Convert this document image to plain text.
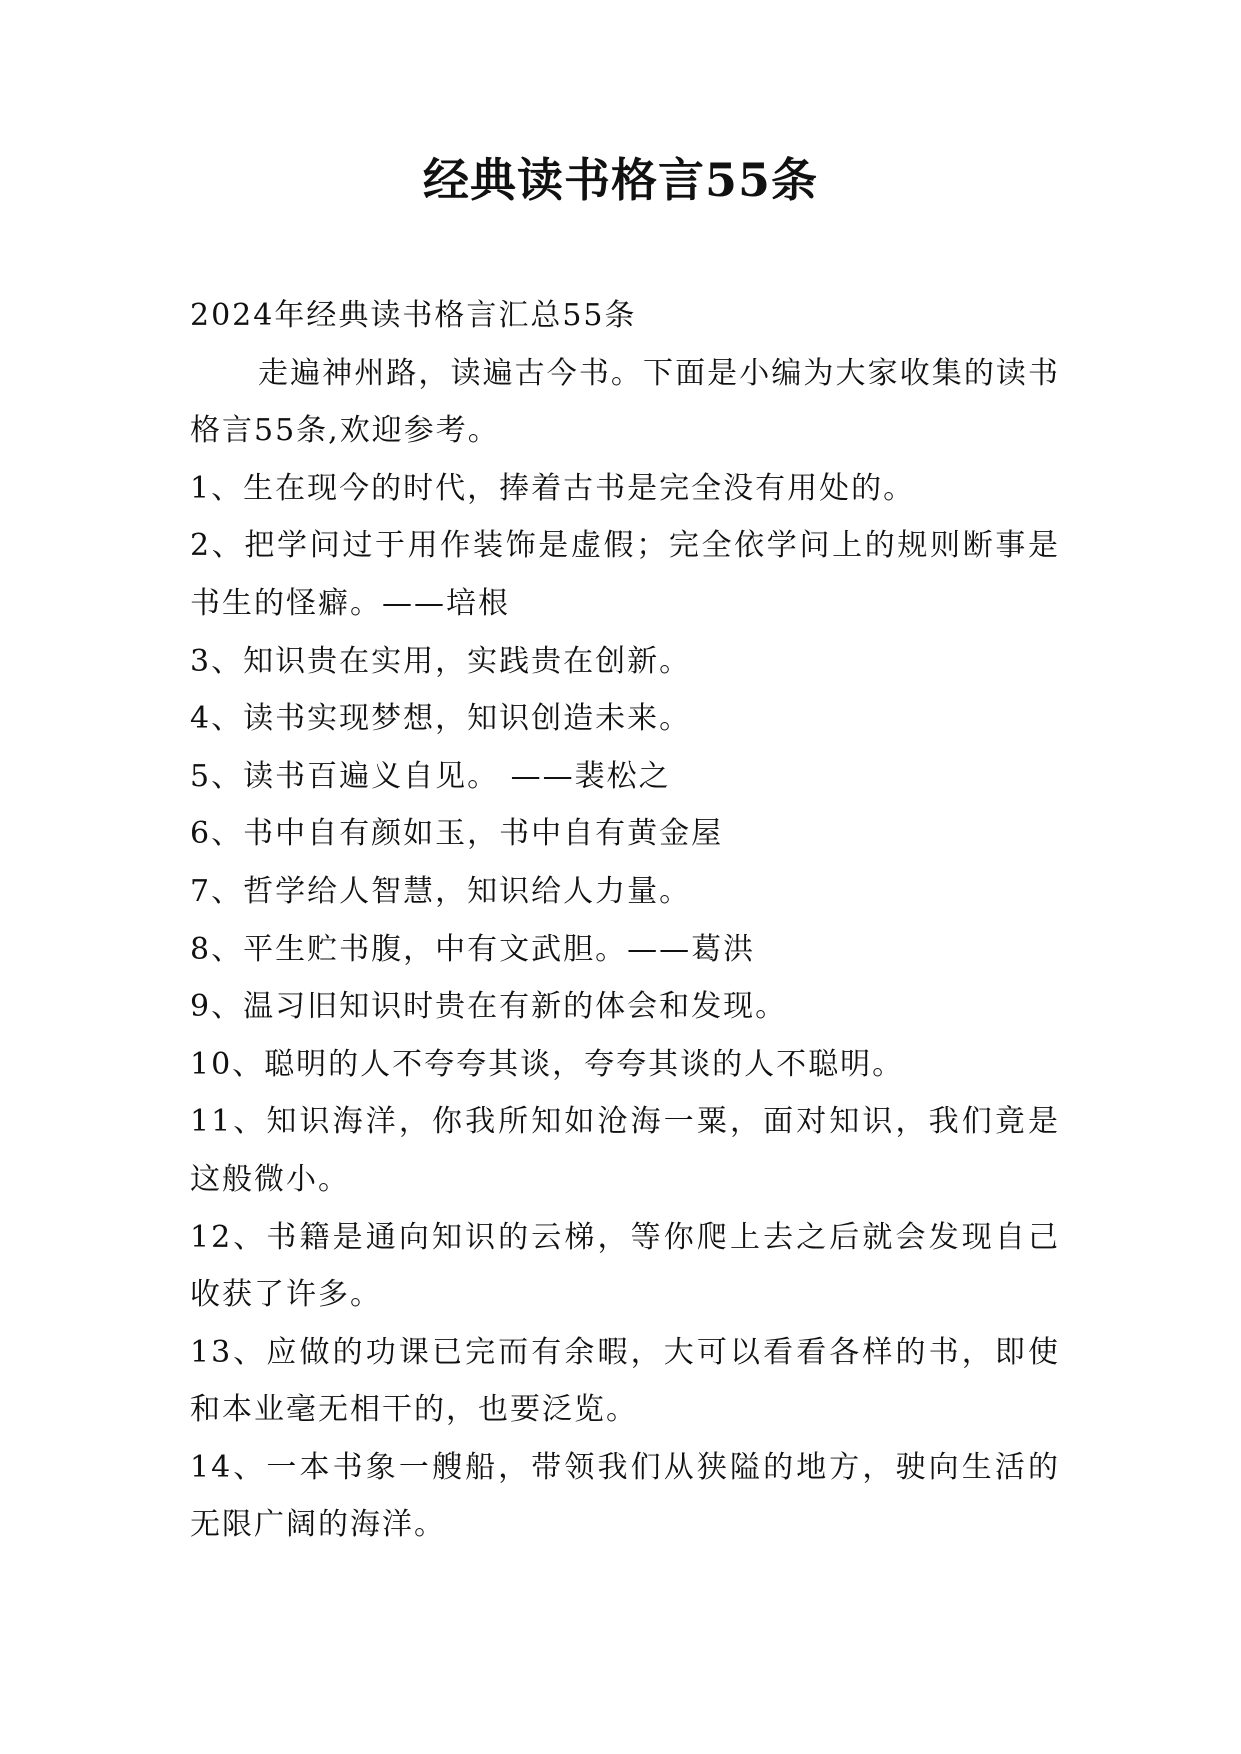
经典读书格言55条

2024年经典读书格言汇总55条

走遍神州路，读遍古今书。下面是小编为大家收集的读书格言55条,欢迎参考。

1、生在现今的时代，捧着古书是完全没有用处的。

2、把学问过于用作装饰是虚假；完全依学问上的规则断事是书生的怪癖。——培根

3、知识贵在实用，实践贵在创新。

4、读书实现梦想，知识创造未来。

5、读书百遍义自见。 ——裴松之

6、书中自有颜如玉，书中自有黄金屋

7、哲学给人智慧，知识给人力量。

8、平生贮书腹，中有文武胆。——葛洪

9、温习旧知识时贵在有新的体会和发现。

10、聪明的人不夸夸其谈，夸夸其谈的人不聪明。

11、知识海洋，你我所知如沧海一粟，面对知识，我们竟是这般微小。

12、书籍是通向知识的云梯，等你爬上去之后就会发现自己收获了许多。

13、应做的功课已完而有余暇，大可以看看各样的书，即使和本业毫无相干的，也要泛览。

14、一本书象一艘船，带领我们从狭隘的地方，驶向生活的无限广阔的海洋。
